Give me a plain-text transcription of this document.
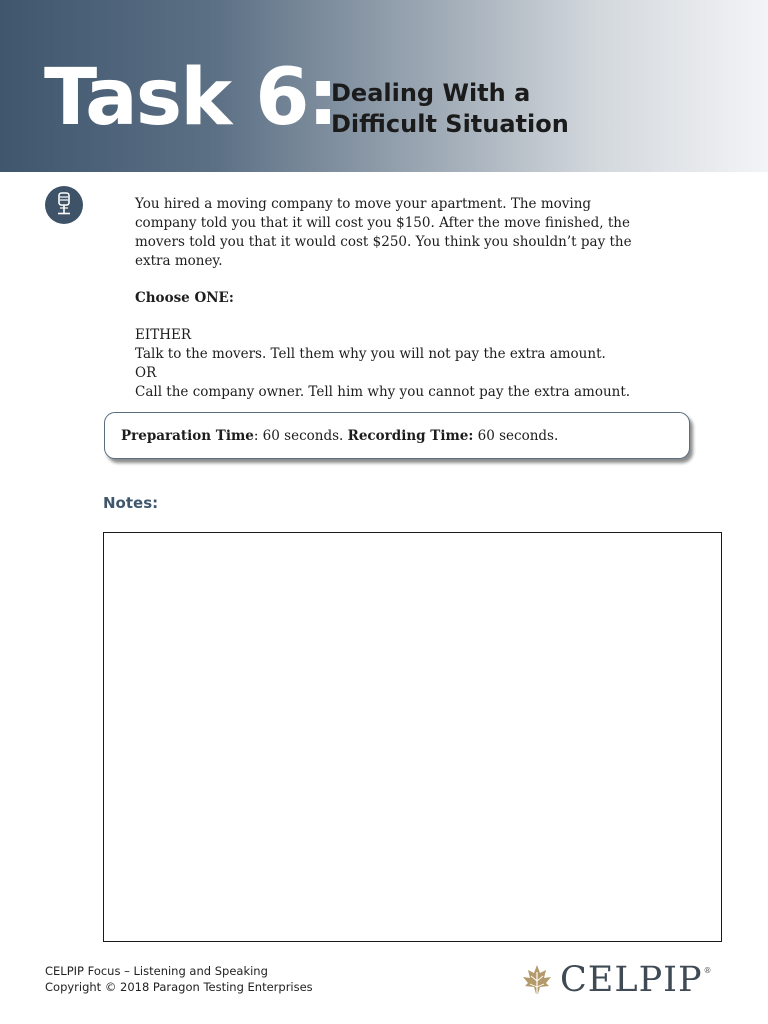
Task 6:
Dealing With a Difficult Situation

You hired a moving company to move your apartment. The moving company told you that it will cost you $150. After the move finished, the movers told you that it would cost $250. You think you shouldn’t pay the extra money.

Choose ONE:

EITHER

Talk to the movers. Tell them why you will not pay the extra amount.

OR

Call the company owner. Tell him why you cannot pay the extra amount.

Preparation Time : 60 seconds.
Recording Time:
60 seconds.
Notes:
CELPIP Focus – Listening and Speaking
Copyright © 2018 Paragon Testing Enterprises	CELPIP ®
